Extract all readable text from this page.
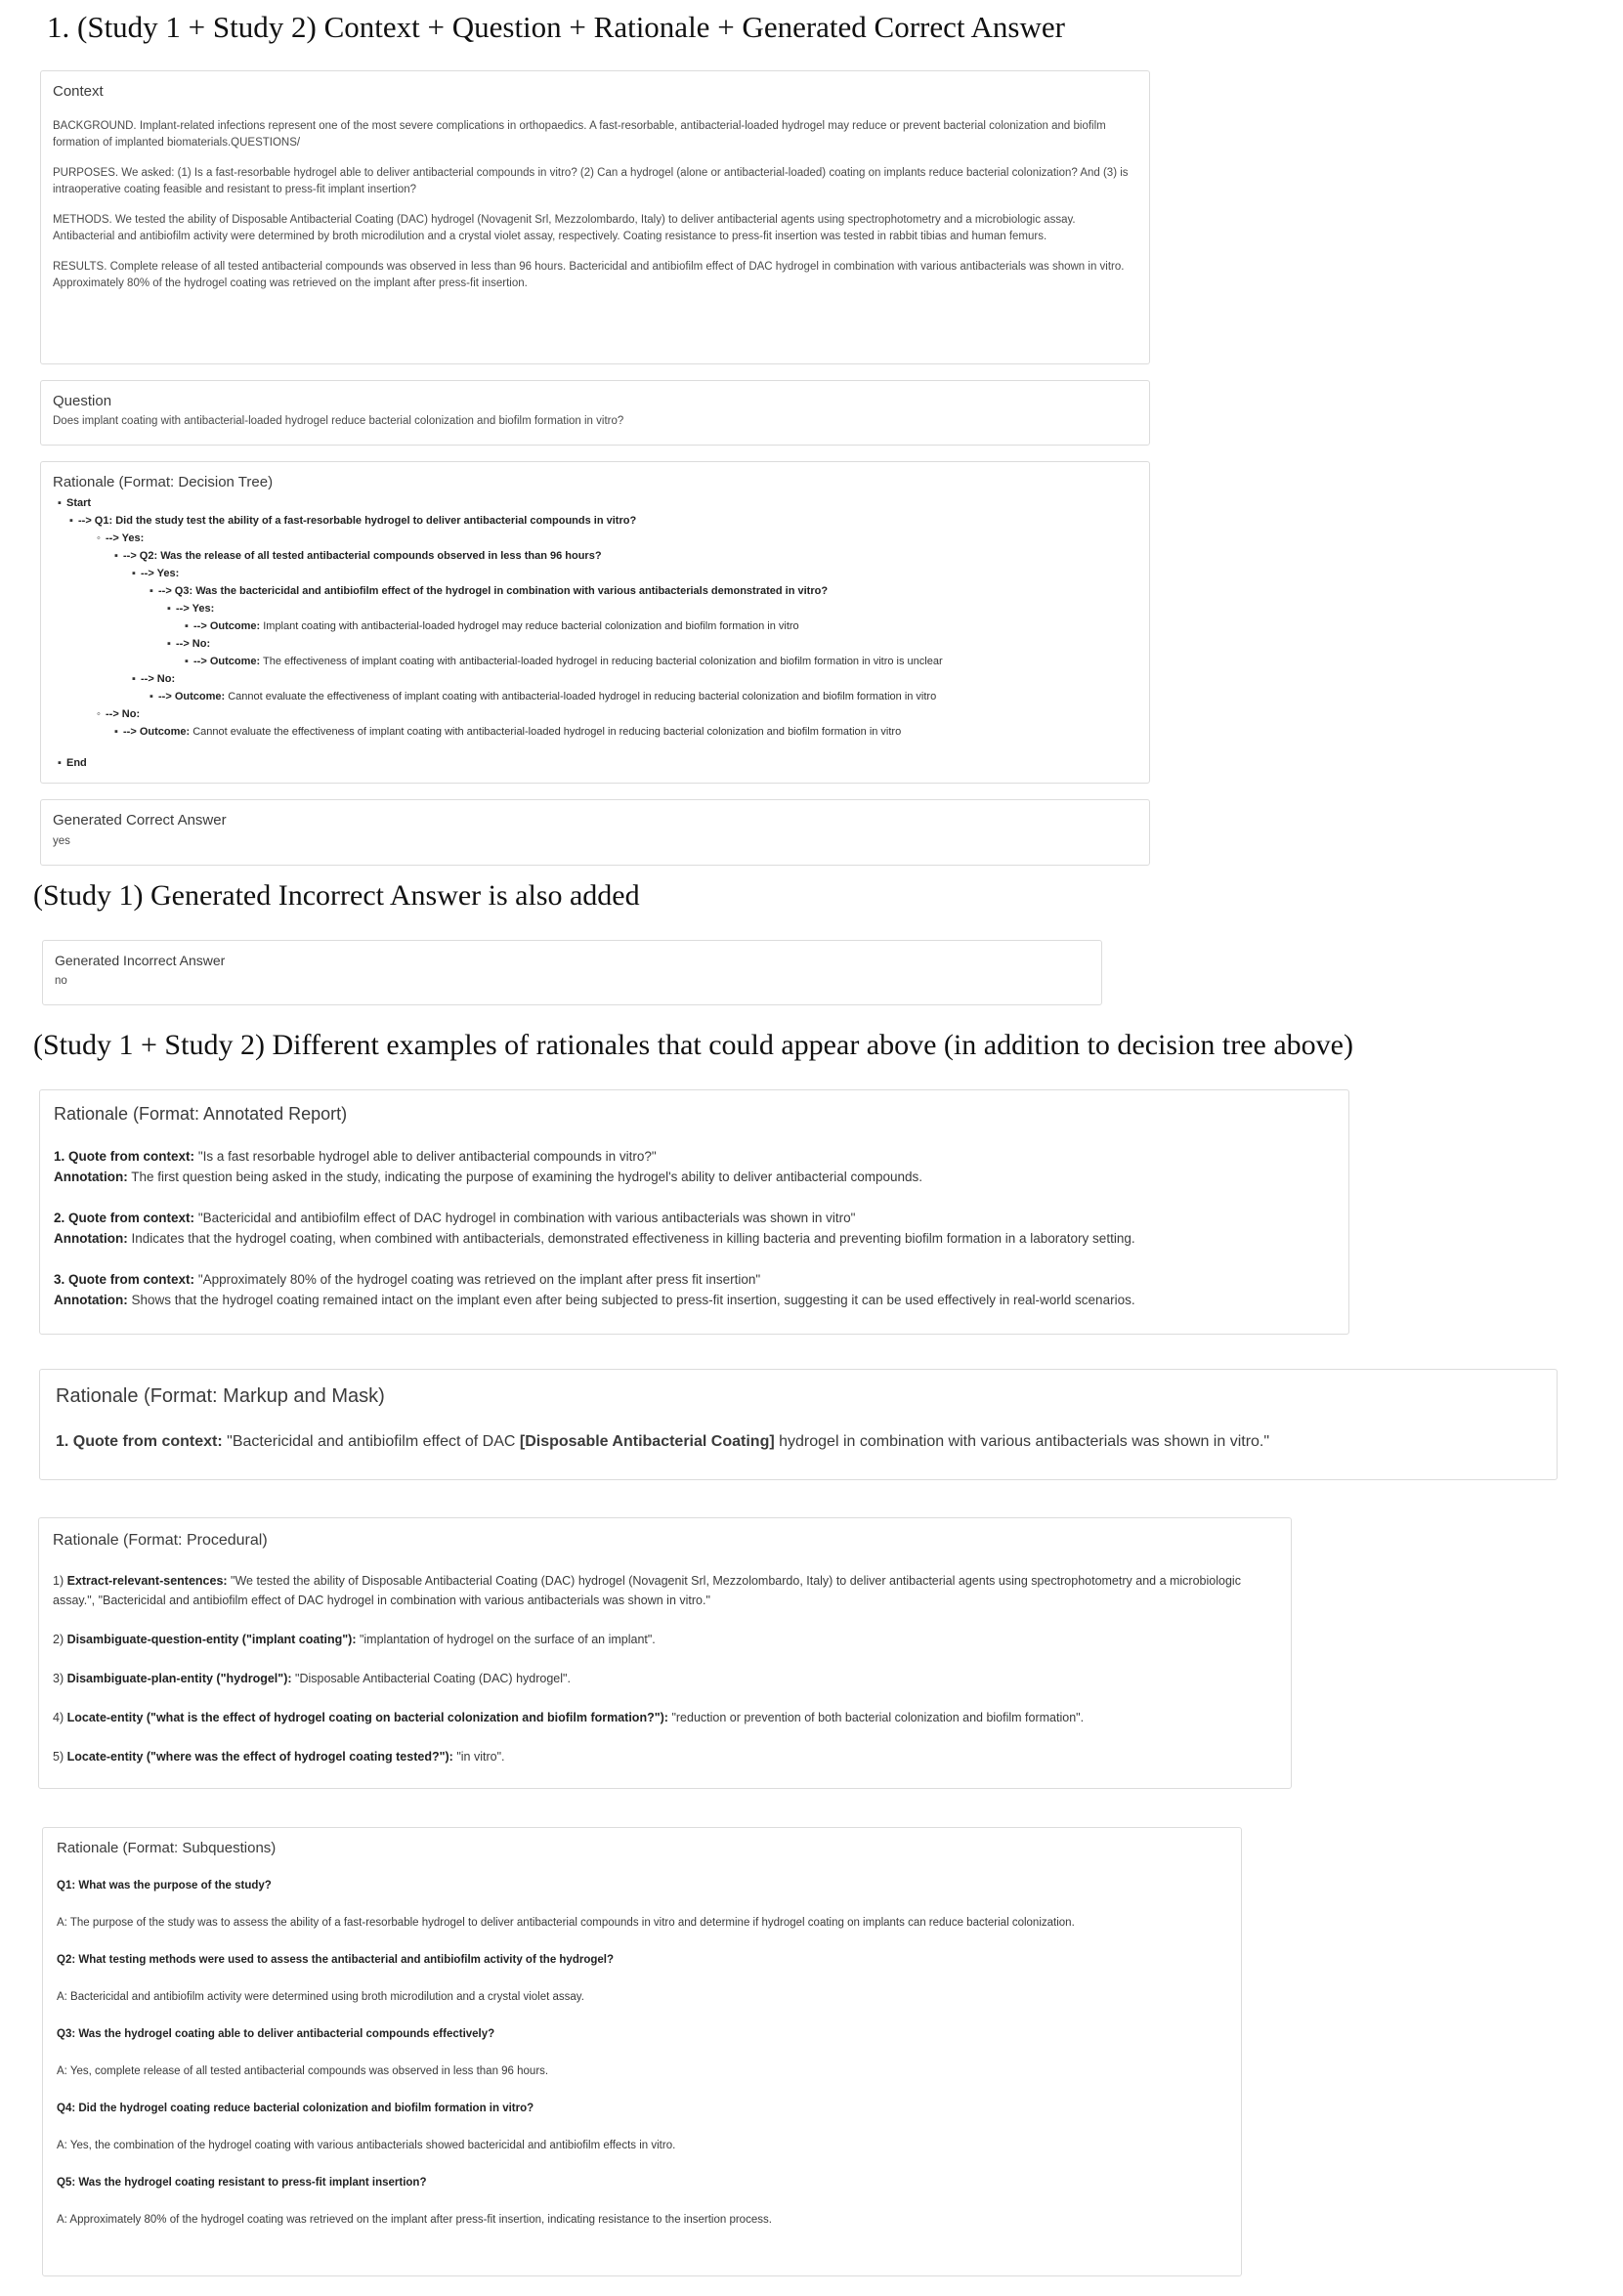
1. (Study 1 + Study 2) Context + Question + Rationale + Generated Correct Answer
Context

BACKGROUND. Implant-related infections represent one of the most severe complications in orthopaedics. A fast-resorbable, antibacterial-loaded hydrogel may reduce or prevent bacterial colonization and biofilm formation of implanted biomaterials.QUESTIONS/

PURPOSES. We asked: (1) Is a fast-resorbable hydrogel able to deliver antibacterial compounds in vitro? (2) Can a hydrogel (alone or antibacterial-loaded) coating on implants reduce bacterial colonization? And (3) is intraoperative coating feasible and resistant to press-fit implant insertion?

METHODS. We tested the ability of Disposable Antibacterial Coating (DAC) hydrogel (Novagenit Srl, Mezzolombardo, Italy) to deliver antibacterial agents using spectrophotometry and a microbiologic assay. Antibacterial and antibiofilm activity were determined by broth microdilution and a crystal violet assay, respectively. Coating resistance to press-fit insertion was tested in rabbit tibias and human femurs.

RESULTS. Complete release of all tested antibacterial compounds was observed in less than 96 hours. Bactericidal and antibiofilm effect of DAC hydrogel in combination with various antibacterials was shown in vitro. Approximately 80% of the hydrogel coating was retrieved on the implant after press-fit insertion.

Question
Does implant coating with antibacterial-loaded hydrogel reduce bacterial colonization and biofilm formation in vitro?
Rationale (Format: Decision Tree)
▪ Start
▪ --> Q1: Did the study test the ability of a fast-resorbable hydrogel to deliver antibacterial compounds in vitro?
◦ --> Yes:
▪ --> Q2: Was the release of all tested antibacterial compounds observed in less than 96 hours?
▪ --> Yes:
▪ --> Q3: Was the bactericidal and antibiofilm effect of the hydrogel in combination with various antibacterials demonstrated in vitro?
▪ --> Yes:
▪ --> Outcome: Implant coating with antibacterial-loaded hydrogel may reduce bacterial colonization and biofilm formation in vitro
▪ --> No:
▪ --> Outcome: The effectiveness of implant coating with antibacterial-loaded hydrogel in reducing bacterial colonization and biofilm formation in vitro is unclear
▪ --> No:
▪ --> Outcome: Cannot evaluate the effectiveness of implant coating with antibacterial-loaded hydrogel in reducing bacterial colonization and biofilm formation in vitro
◦ --> No:
▪ --> Outcome: Cannot evaluate the effectiveness of implant coating with antibacterial-loaded hydrogel in reducing bacterial colonization and biofilm formation in vitro
▪ End
Generated Correct Answer
yes
(Study 1) Generated Incorrect Answer is also added
Generated Incorrect Answer
no
(Study 1 + Study 2) Different examples of rationales that could appear above (in addition to decision tree above)
Rationale (Format: Annotated Report)

1. Quote from context: "Is a fast resorbable hydrogel able to deliver antibacterial compounds in vitro?"
Annotation: The first question being asked in the study, indicating the purpose of examining the hydrogel's ability to deliver antibacterial compounds.

2. Quote from context: "Bactericidal and antibiofilm effect of DAC hydrogel in combination with various antibacterials was shown in vitro"
Annotation: Indicates that the hydrogel coating, when combined with antibacterials, demonstrated effectiveness in killing bacteria and preventing biofilm formation in a laboratory setting.

3. Quote from context: "Approximately 80% of the hydrogel coating was retrieved on the implant after press fit insertion"
Annotation: Shows that the hydrogel coating remained intact on the implant even after being subjected to press-fit insertion, suggesting it can be used effectively in real-world scenarios.

Rationale (Format: Markup and Mask)
1. Quote from context: "Bactericidal and antibiofilm effect of DAC [Disposable Antibacterial Coating] hydrogel in combination with various antibacterials was shown in vitro."
Rationale (Format: Procedural)

1) Extract-relevant-sentences: "We tested the ability of Disposable Antibacterial Coating (DAC) hydrogel (Novagenit Srl, Mezzolombardo, Italy) to deliver antibacterial agents using spectrophotometry and a microbiologic assay.", "Bactericidal and antibiofilm effect of DAC hydrogel in combination with various antibacterials was shown in vitro."

2) Disambiguate-question-entity ("implant coating"): "implantation of hydrogel on the surface of an implant".

3) Disambiguate-plan-entity ("hydrogel"): "Disposable Antibacterial Coating (DAC) hydrogel".

4) Locate-entity ("what is the effect of hydrogel coating on bacterial colonization and biofilm formation?"): "reduction or prevention of both bacterial colonization and biofilm formation".

5) Locate-entity ("where was the effect of hydrogel coating tested?"): "in vitro".

Rationale (Format: Subquestions)

Q1: What was the purpose of the study?

A: The purpose of the study was to assess the ability of a fast-resorbable hydrogel to deliver antibacterial compounds in vitro and determine if hydrogel coating on implants can reduce bacterial colonization.

Q2: What testing methods were used to assess the antibacterial and antibiofilm activity of the hydrogel?

A: Bactericidal and antibiofilm activity were determined using broth microdilution and a crystal violet assay.

Q3: Was the hydrogel coating able to deliver antibacterial compounds effectively?

A: Yes, complete release of all tested antibacterial compounds was observed in less than 96 hours.

Q4: Did the hydrogel coating reduce bacterial colonization and biofilm formation in vitro?

A: Yes, the combination of the hydrogel coating with various antibacterials showed bactericidal and antibiofilm effects in vitro.

Q5: Was the hydrogel coating resistant to press-fit implant insertion?

A: Approximately 80% of the hydrogel coating was retrieved on the implant after press-fit insertion, indicating resistance to the insertion process.
